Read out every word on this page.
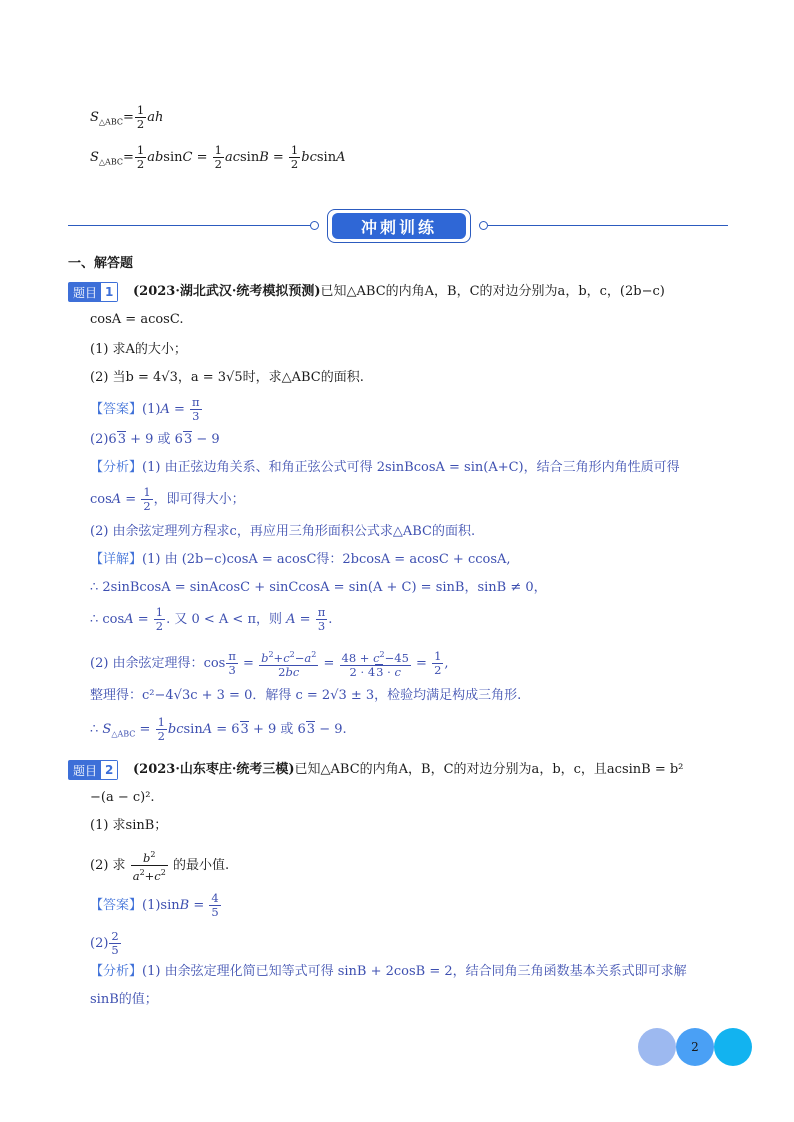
$S_{\triangle ABC}= \frac{1}{2}$ ah
$S_{\triangle ABC}= \frac{1}{2}$ $absinC = \frac{1}{2}$ $acsinB = \frac{1}{2}$ bcsinA
冲刺训练
一、解答题
题目 1	(2023·湖北武汉·统考模拟预测)已知△ABC的内角A，B，C的对边分别为a，b，c，(2b−c)
cosA = acosC.
(1) 求A的大小；
(2) 当b = 4√3，a = 3√5时，求△ABC的面积.
【答案】$(1)A = \frac{\pi}{3}$
(2)63 + 9 或 63 − 9
【分析】(1) 由正弦边角关系、和角正弦公式可得 2sinBcosA = sin(A+C)，结合三角形内角性质可得
$\cos A = \frac{1}{2}$ ，即可得大小；
(2) 由余弦定理列方程求c，再应用三角形面积公式求△ABC的面积.
【详解】(1) 由 (2b−c)cosA = acosC得：2bcosA = acosC + ccosA,
∴ 2sinBcosA = sinAcosC + sinCcosA = sin(A + C) = sinB，sinB ≠ 0，
∴ $\cos A = \frac{1}{2}$ . 又 0 < A < π，则 $A = \frac{\pi}{3}$ .
(2) 由余弦定理得：$\cos \frac{\pi}{3} = \frac{b^2+c^2-a^2}{2bc} = \frac{48 + c^2-45}{2 \cdot 43 \cdot c} = \frac{1}{2}$ ,
整理得：c²−4√3c + 3 = 0．解得 c = 2√3 ± 3，检验均满足构成三角形.
∴ $S_{\triangle ABC} = \frac{1}{2}$ bcsinA = 63 + 9 或 63 − 9.
题目 2	(2023·山东枣庄·统考三模)已知△ABC的内角A，B，C的对边分别为a，b，c，且acsinB = b²
−(a − c)².
(1) 求sinB；
(2) 求 $\frac{b^2}{a^2+c^2}$ 的最小值.
【答案】$(1)\sin B = \frac{4}{5}$
$(2) \frac{2}{5}$
【分析】(1) 由余弦定理化简已知等式可得 sinB + 2cosB = 2，结合同角三角函数基本关系式即可求解
sinB的值；
2
